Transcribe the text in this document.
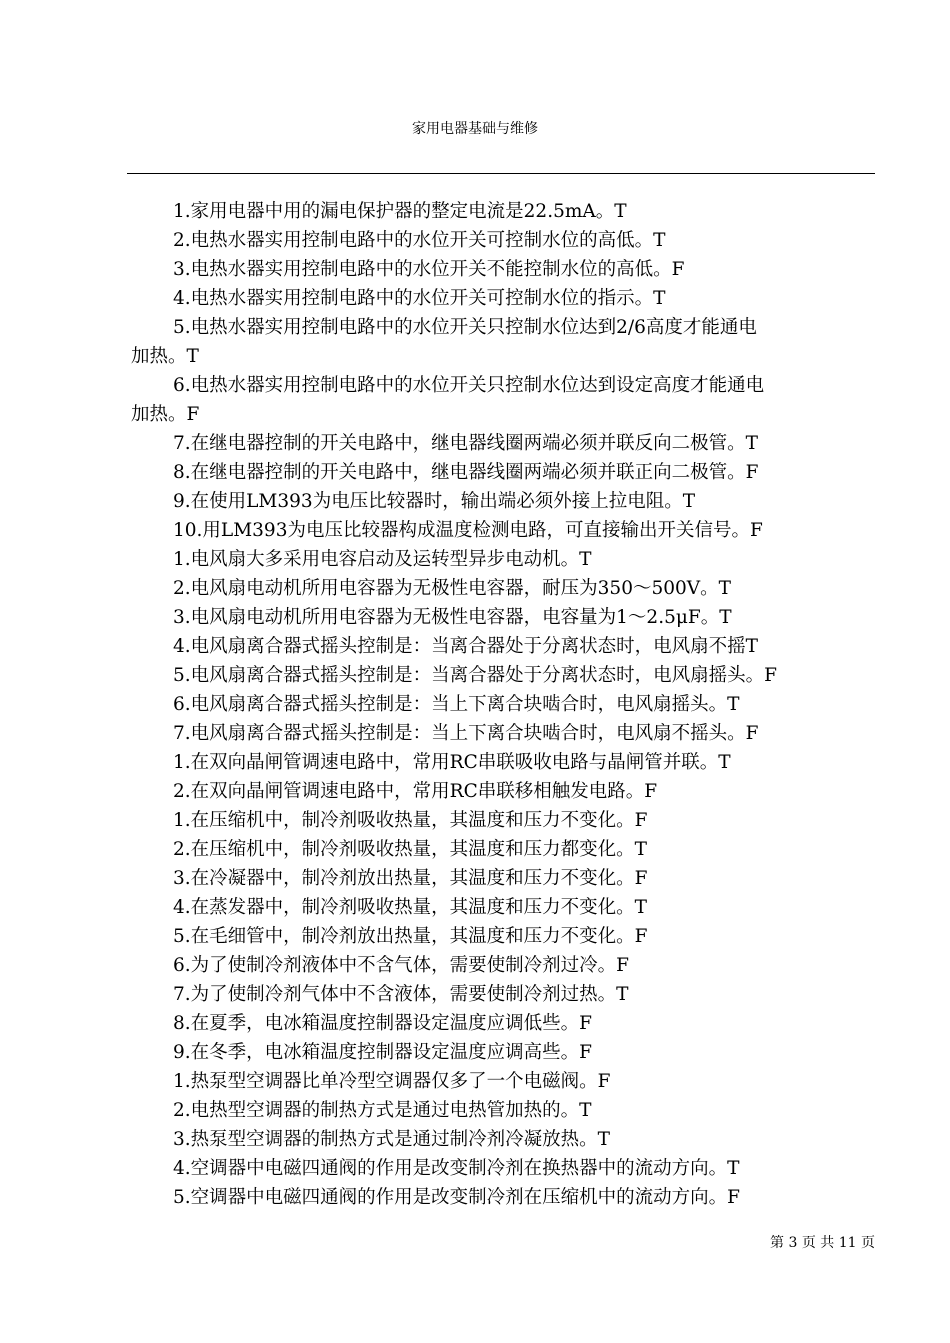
家用电器基础与维修
1.家用电器中用的漏电保护器的整定电流是22.5mA。T
2.电热水器实用控制电路中的水位开关可控制水位的高低。T
3.电热水器实用控制电路中的水位开关不能控制水位的高低。F
4.电热水器实用控制电路中的水位开关可控制水位的指示。T
5.电热水器实用控制电路中的水位开关只控制水位达到2/6高度才能通电
加热。T
6.电热水器实用控制电路中的水位开关只控制水位达到设定高度才能通电
加热。F
7.在继电器控制的开关电路中，继电器线圈两端必须并联反向二极管。T
8.在继电器控制的开关电路中，继电器线圈两端必须并联正向二极管。F
9.在使用LM393为电压比较器时，输出端必须外接上拉电阻。T
10.用LM393为电压比较器构成温度检测电路，可直接输出开关信号。F
1.电风扇大多采用电容启动及运转型异步电动机。T
2.电风扇电动机所用电容器为无极性电容器，耐压为350～500V。T
3.电风扇电动机所用电容器为无极性电容器，电容量为1～2.5μF。T
4.电风扇离合器式摇头控制是：当离合器处于分离状态时，电风扇不摇T
5.电风扇离合器式摇头控制是：当离合器处于分离状态时，电风扇摇头。F
6.电风扇离合器式摇头控制是：当上下离合块啮合时，电风扇摇头。T
7.电风扇离合器式摇头控制是：当上下离合块啮合时，电风扇不摇头。F
1.在双向晶闸管调速电路中，常用RC串联吸收电路与晶闸管并联。T
2.在双向晶闸管调速电路中，常用RC串联移相触发电路。F
1.在压缩机中，制冷剂吸收热量，其温度和压力不变化。F
2.在压缩机中，制冷剂吸收热量，其温度和压力都变化。T
3.在冷凝器中，制冷剂放出热量，其温度和压力不变化。F
4.在蒸发器中，制冷剂吸收热量，其温度和压力不变化。T
5.在毛细管中，制冷剂放出热量，其温度和压力不变化。F
6.为了使制冷剂液体中不含气体，需要使制冷剂过冷。F
7.为了使制冷剂气体中不含液体，需要使制冷剂过热。T
8.在夏季，电冰箱温度控制器设定温度应调低些。F
9.在冬季，电冰箱温度控制器设定温度应调高些。F
1.热泵型空调器比单冷型空调器仅多了一个电磁阀。F
2.电热型空调器的制热方式是通过电热管加热的。T
3.热泵型空调器的制热方式是通过制冷剂冷凝放热。T
4.空调器中电磁四通阀的作用是改变制冷剂在换热器中的流动方向。T
5.空调器中电磁四通阀的作用是改变制冷剂在压缩机中的流动方向。F
第 3 页 共 11 页
